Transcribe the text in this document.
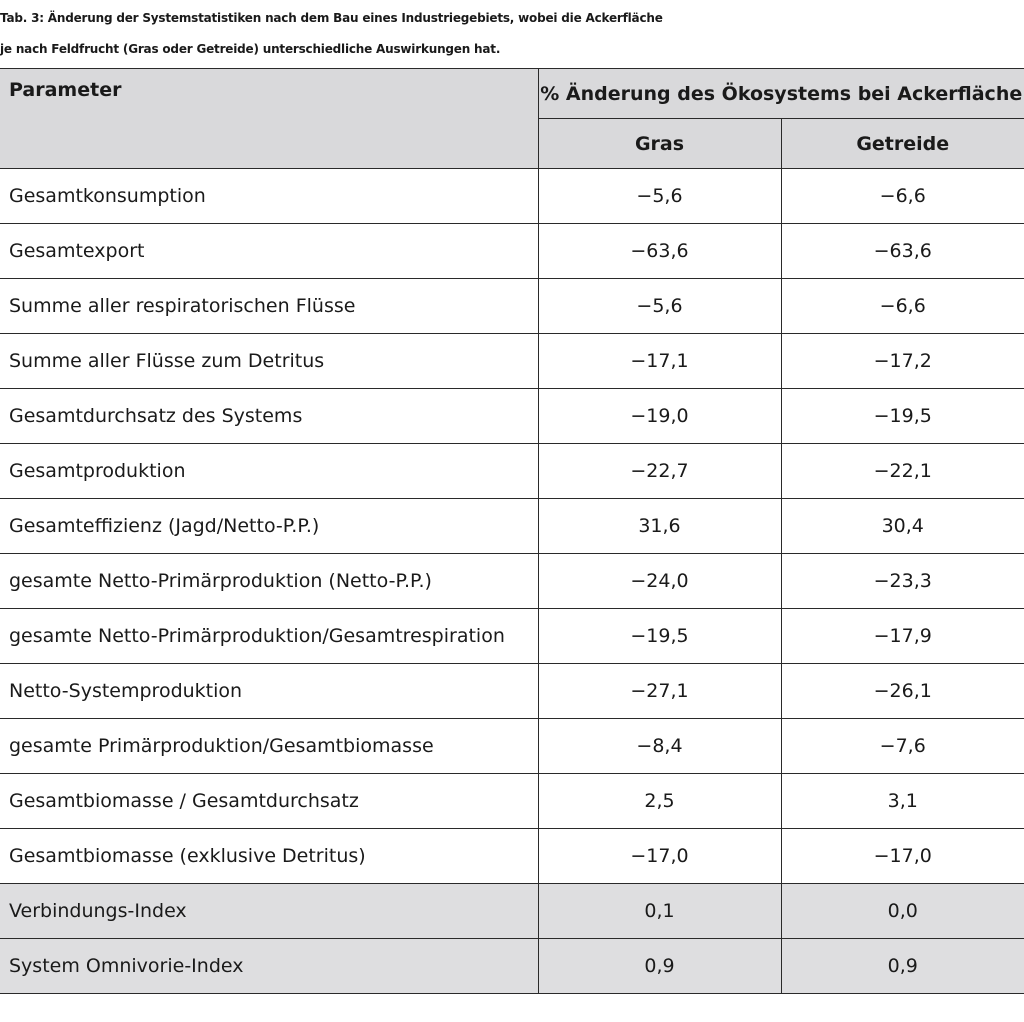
Tab. 3: Änderung der Systemstatistiken nach dem Bau eines Industriegebiets, wobei die Ackerfläche
je nach Feldfrucht (Gras oder Getreide) unterschiedliche Auswirkungen hat.
Parameter	% Änderung des Ökosystems bei Ackerfläche	
	Gras	Getreide
Gesamtkonsumption	−5,6	−6,6
Gesamtexport	−63,6	−63,6
Summe aller respiratorischen Flüsse	−5,6	−6,6
Summe aller Flüsse zum Detritus	−17,1	−17,2
Gesamtdurchsatz des Systems	−19,0	−19,5
Gesamtproduktion	−22,7	−22,1
Gesamteffizienz (Jagd/Netto-P.P.)	31,6	30,4
gesamte Netto-Primärproduktion (Netto-P.P.)	−24,0	−23,3
gesamte Netto-Primärproduktion/Gesamtrespiration	−19,5	−17,9
Netto-Systemproduktion	−27,1	−26,1
gesamte Primärproduktion/Gesamtbiomasse	−8,4	−7,6
Gesamtbiomasse / Gesamtdurchsatz	2,5	3,1
Gesamtbiomasse (exklusive Detritus)	−17,0	−17,0
Verbindungs-Index	0,1	0,0
System Omnivorie-Index	0,9	0,9
